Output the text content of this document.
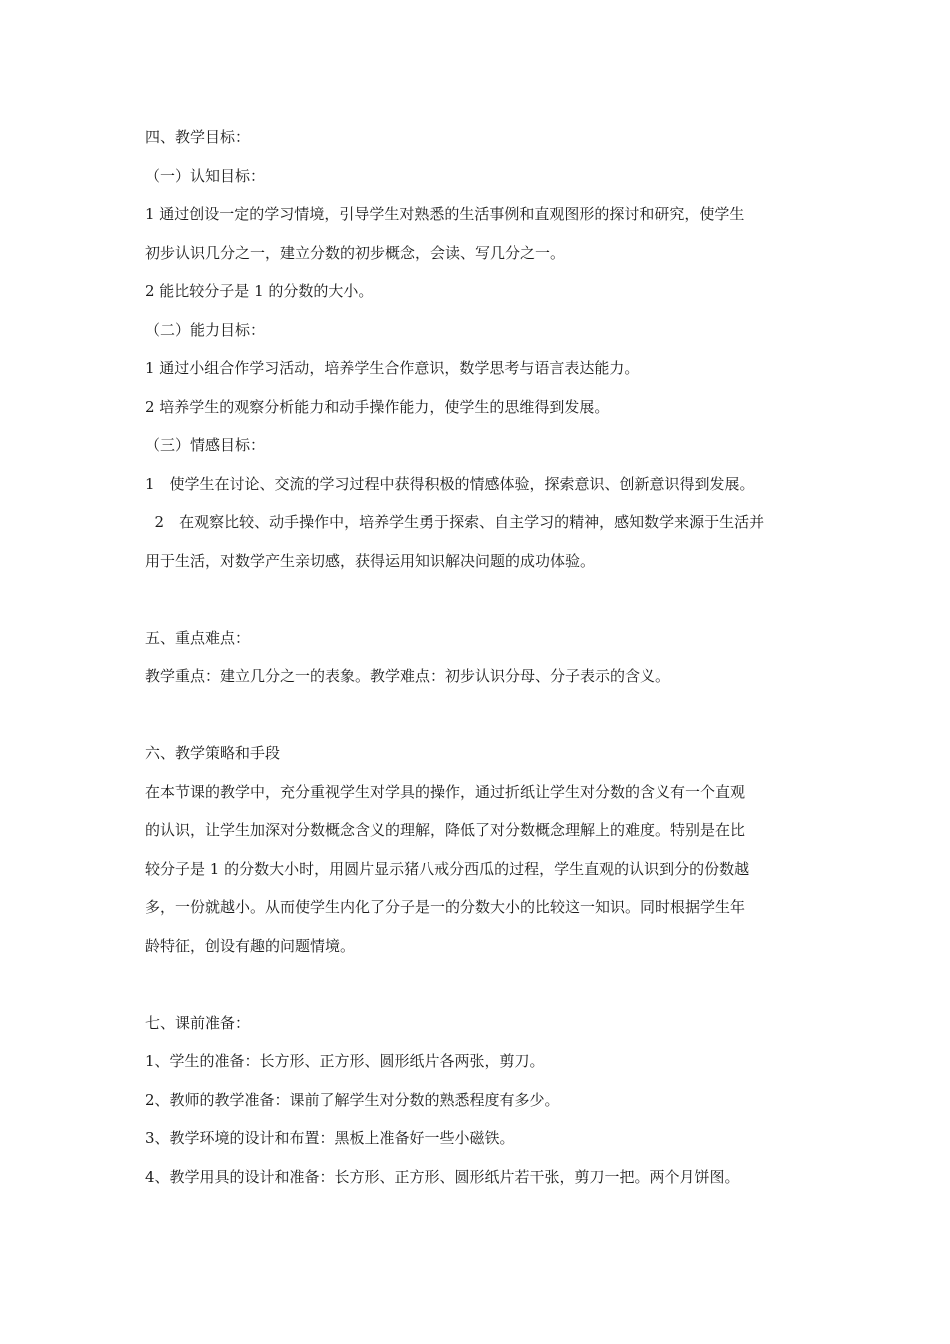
四、教学目标：

（一）认知目标：

1 通过创设一定的学习情境，引导学生对熟悉的生活事例和直观图形的探讨和研究，使学生

初步认识几分之一，建立分数的初步概念，会读、写几分之一。

2 能比较分子是 1 的分数的大小。

（二）能力目标：

1 通过小组合作学习活动，培养学生合作意识，数学思考与语言表达能力。

2 培养学生的观察分析能力和动手操作能力，使学生的思维得到发展。

（三）情感目标：

1　使学生在讨论、交流的学习过程中获得积极的情感体验，探索意识、创新意识得到发展。

2　在观察比较、动手操作中，培养学生勇于探索、自主学习的精神，感知数学来源于生活并

用于生活，对数学产生亲切感，获得运用知识解决问题的成功体验。

五、重点难点：

教学重点：建立几分之一的表象。教学难点：初步认识分母、分子表示的含义。

六、教学策略和手段

在本节课的教学中，充分重视学生对学具的操作，通过折纸让学生对分数的含义有一个直观

的认识，让学生加深对分数概念含义的理解，降低了对分数概念理解上的难度。特别是在比

较分子是 1 的分数大小时，用圆片显示猪八戒分西瓜的过程，学生直观的认识到分的份数越

多，一份就越小。从而使学生内化了分子是一的分数大小的比较这一知识。同时根据学生年

龄特征，创设有趣的问题情境。

七、课前准备：

1、学生的准备：长方形、正方形、圆形纸片各两张，剪刀。

2、教师的教学准备：课前了解学生对分数的熟悉程度有多少。

3、教学环境的设计和布置：黑板上准备好一些小磁铁。

4、教学用具的设计和准备：长方形、正方形、圆形纸片若干张，剪刀一把。两个月饼图。
